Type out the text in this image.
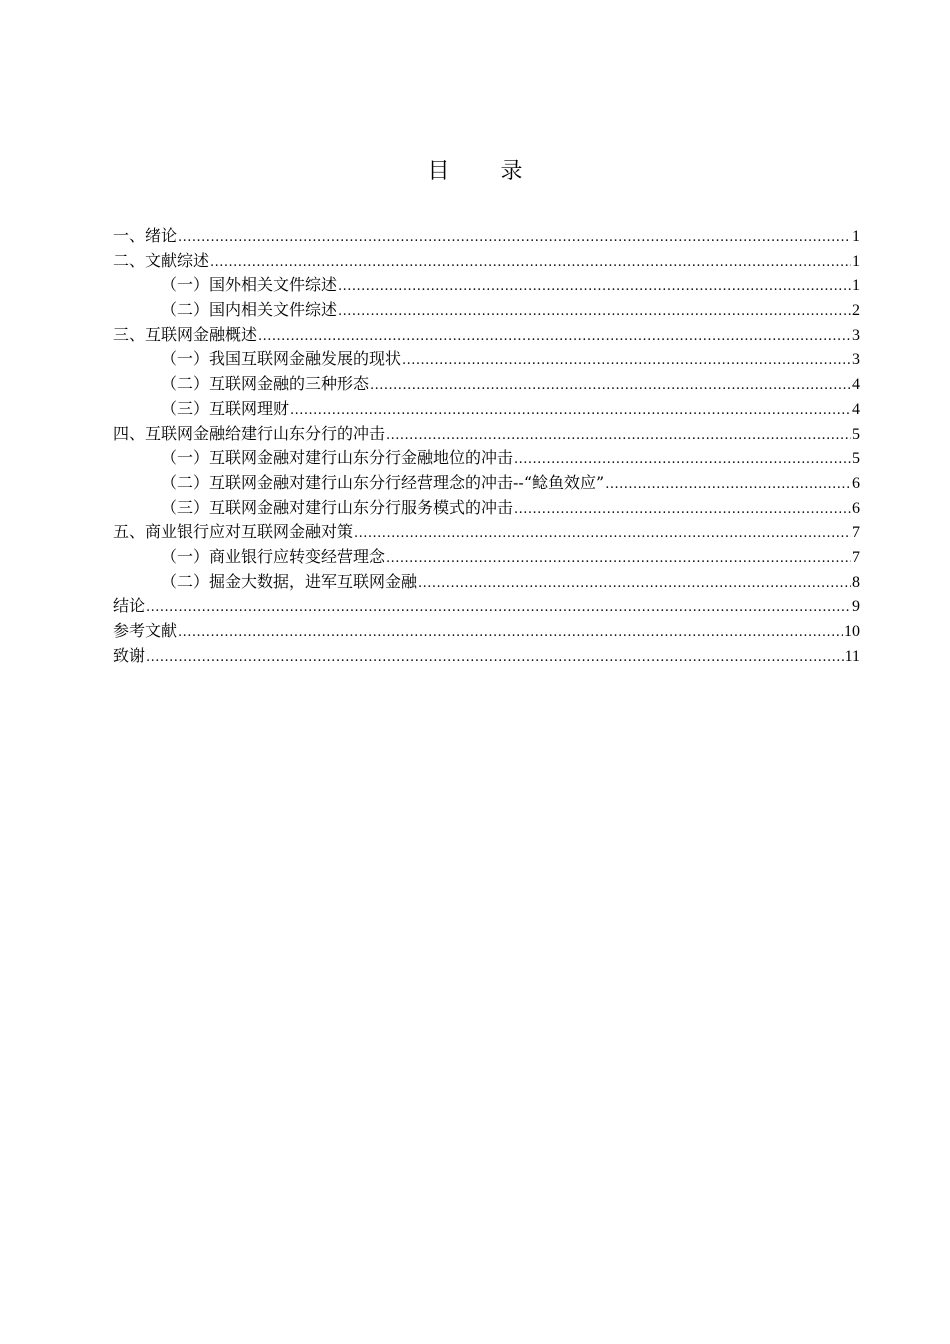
目 录
一、绪论 .....	1
二、文献综述 .....	1
（一）国外相关文件综述 .....	1
（二）国内相关文件综述 .....	2
三、互联网金融概述 .....	3
（一）我国互联网金融发展的现状 .....	3
（二）互联网金融的三种形态 .....	4
（三）互联网理财 .....	4
四、互联网金融给建行山东分行的冲击 .....	5
（一）互联网金融对建行山东分行金融地位的冲击 .....	5
（二）互联网金融对建行山东分行经营理念的冲击--“鲶鱼效应” .....	6
（三）互联网金融对建行山东分行服务模式的冲击 .....	6
五、商业银行应对互联网金融对策 .....	7
（一）商业银行应转变经营理念 .....	7
（二）掘金大数据，进军互联网金融 .....	8
结论 .....	9
参考文献 .....	10
致谢 .....	11
